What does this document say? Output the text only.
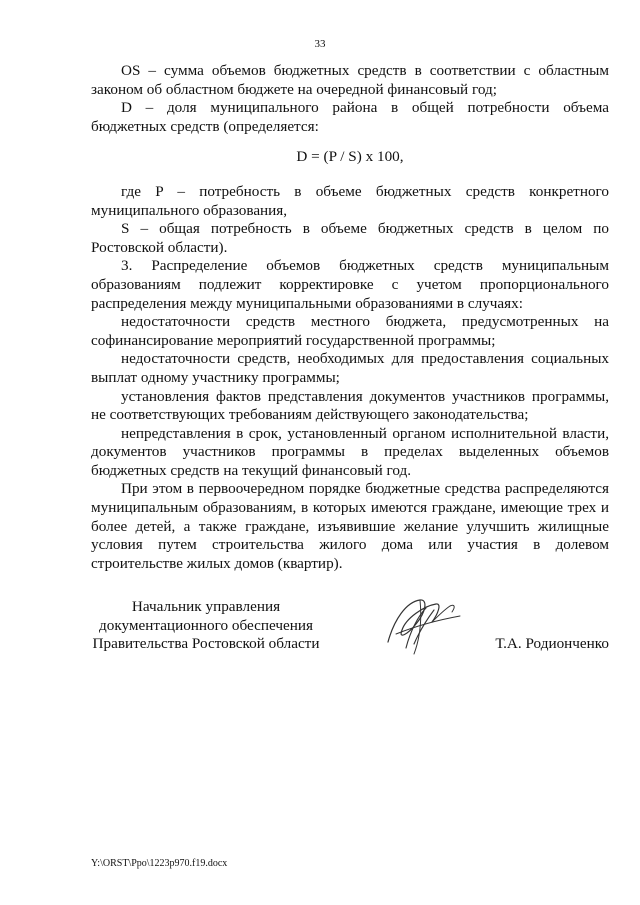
33

OS – сумма объемов бюджетных средств в соответствии с областным законом об областном бюджете на очередной финансовый год;

D – доля муниципального района в общей потребности объема бюджетных средств (определяется:

D = (P / S) x 100,

где P – потребность в объеме бюджетных средств конкретного муниципального образования,

S – общая потребность в объеме бюджетных средств в целом по Ростовской области).

3. Распределение объемов бюджетных средств муниципальным образованиям подлежит корректировке с учетом пропорционального распределения между муниципальными образованиями в случаях:

недостаточности средств местного бюджета, предусмотренных на софинансирование мероприятий государственной программы;

недостаточности средств, необходимых для предоставления социальных выплат одному участнику программы;

установления фактов представления документов участников программы, не соответствующих требованиям действующего законодательства;

непредставления в срок, установленный органом исполнительной власти, документов участников программы в пределах выделенных объемов бюджетных средств на текущий финансовый год.

При этом в первоочередном порядке бюджетные средства распределяются муниципальным образованиям, в которых имеются граждане, имеющие трех и более детей, а также граждане, изъявившие желание улучшить жилищные условия путем строительства жилого дома или участия в долевом строительстве жилых домов (квартир).

Начальник управления
документационного обеспечения
Правительства Ростовской области	Т.А. Родионченко
Y:\ORST\Ppo\1223p970.f19.docx
